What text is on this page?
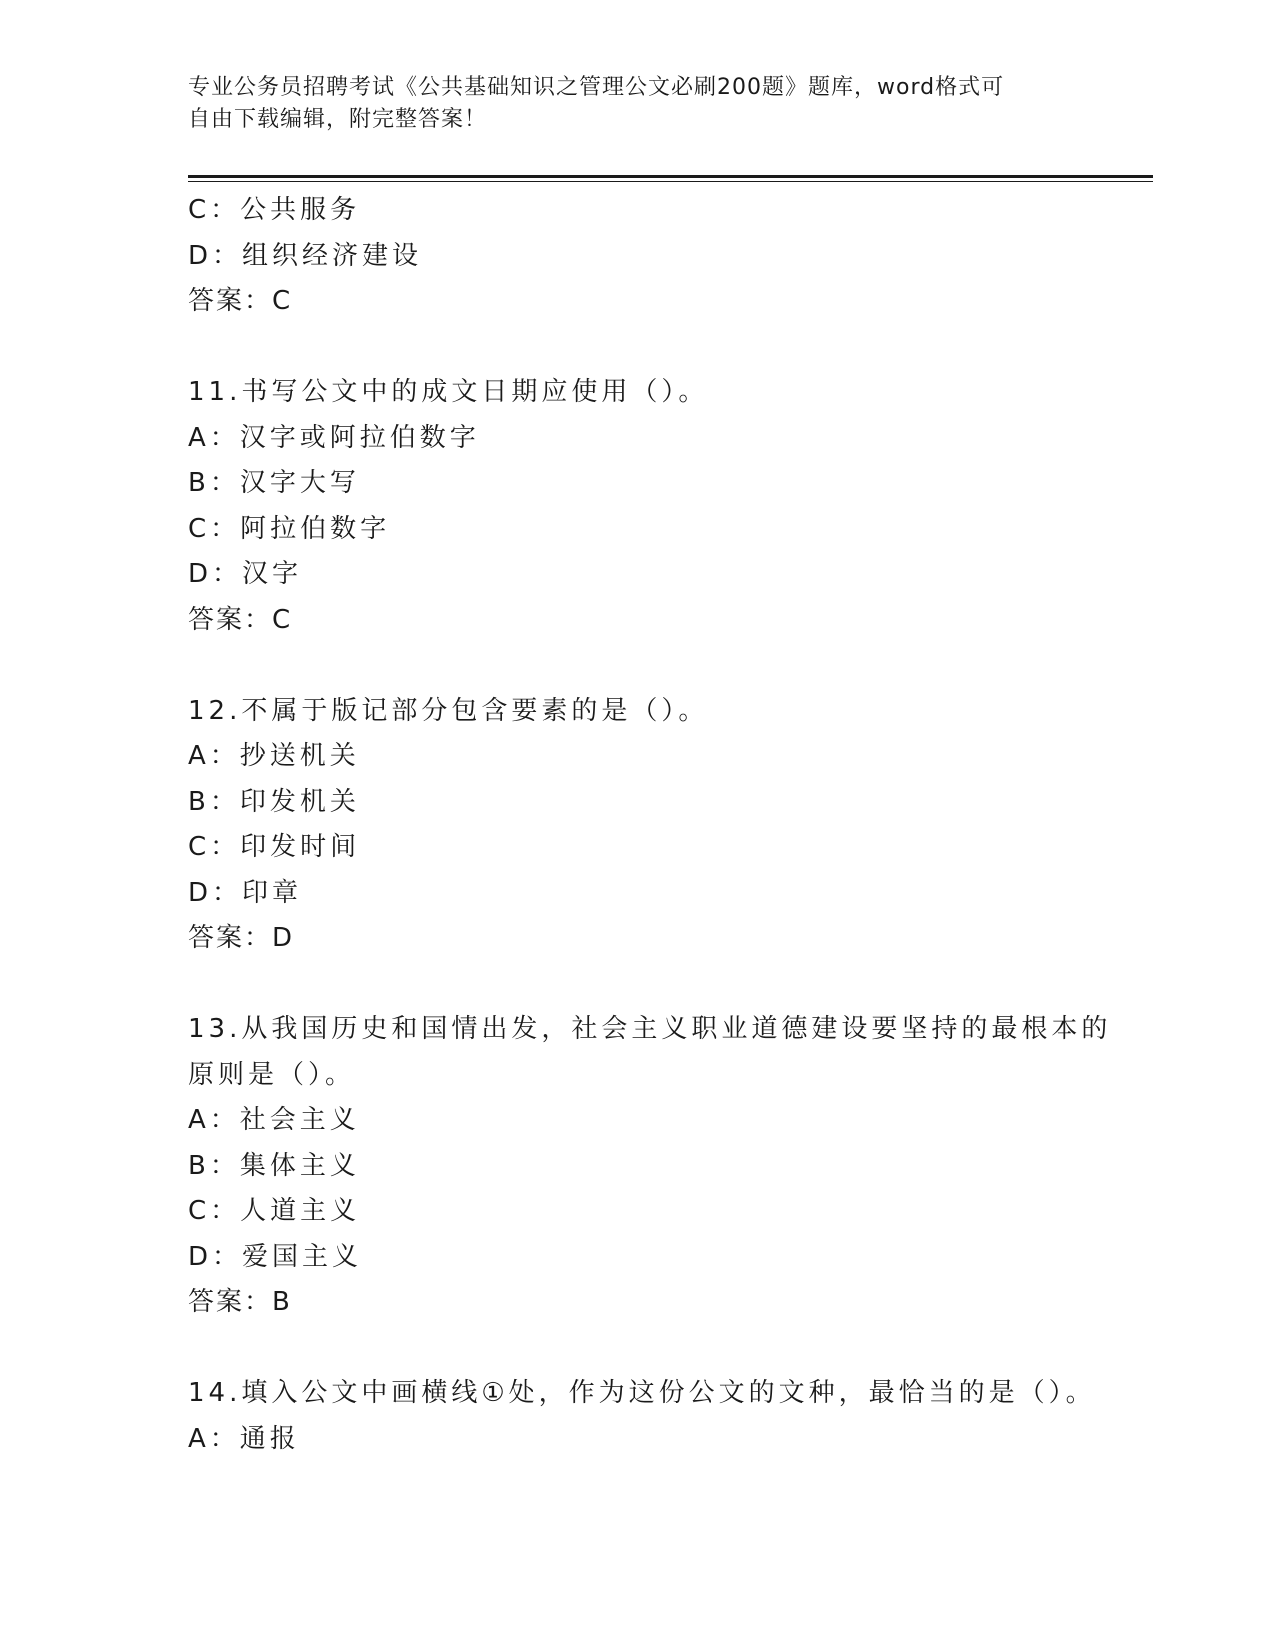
专业公务员招聘考试《公共基础知识之管理公文必刷200题》题库，word格式可
自由下载编辑，附完整答案！
C：公共服务
D：组织经济建设
答案：C
11.书写公文中的成文日期应使用（）。
A：汉字或阿拉伯数字
B：汉字大写
C：阿拉伯数字
D：汉字
答案：C
12.不属于版记部分包含要素的是（）。
A：抄送机关
B：印发机关
C：印发时间
D：印章
答案：D
13.从我国历史和国情出发，社会主义职业道德建设要坚持的最根本的
原则是（）。
A：社会主义
B：集体主义
C：人道主义
D：爱国主义
答案：B
14.填入公文中画横线①处，作为这份公文的文种，最恰当的是（）。
A：通报
